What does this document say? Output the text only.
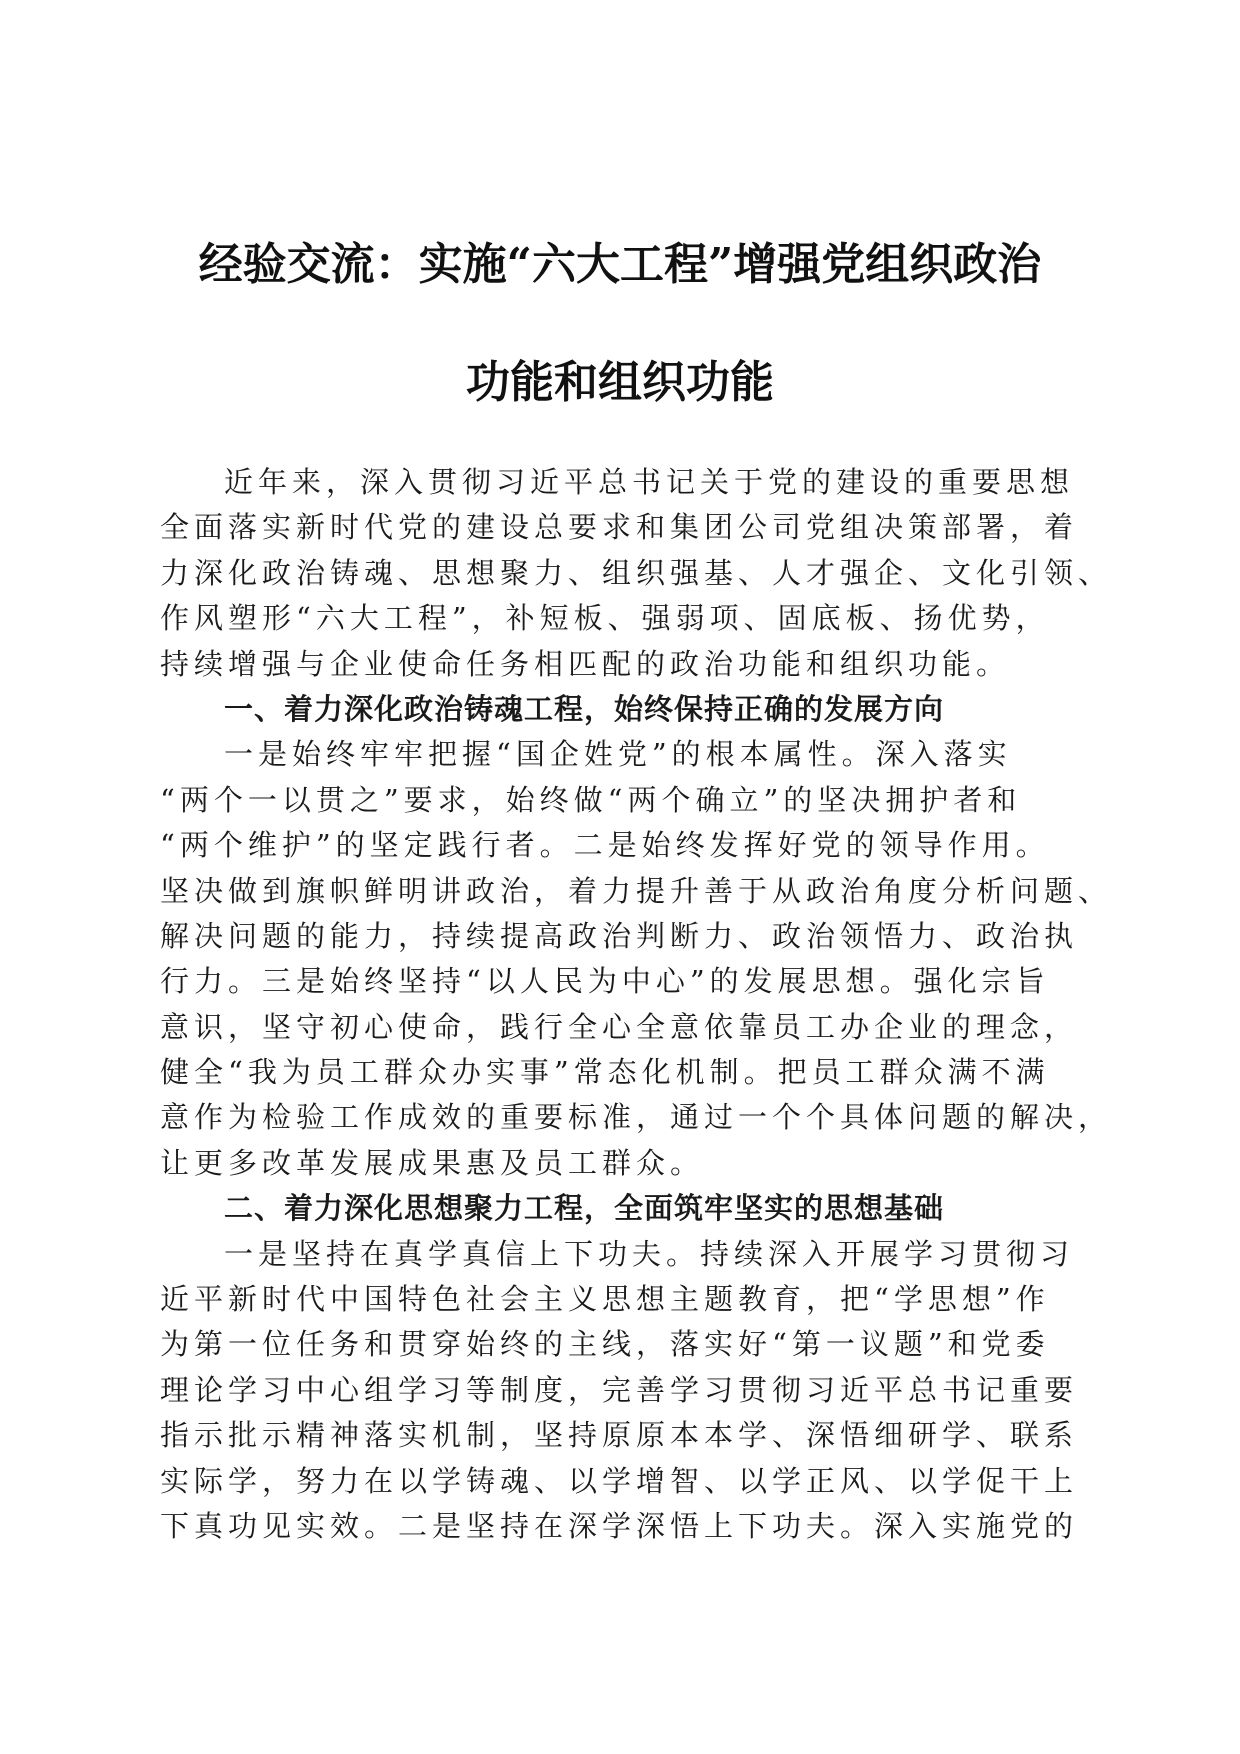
经验交流：实施“六大工程”增强党组织政治
功能和组织功能
近年来，深入贯彻习近平总书记关于党的建设的重要思想
全面落实新时代党的建设总要求和集团公司党组决策部署，着
力深化政治铸魂、思想聚力、组织强基、人才强企、文化引领、
作风塑形“六大工程”，补短板、强弱项、固底板、扬优势，
持续增强与企业使命任务相匹配的政治功能和组织功能。
一、着力深化政治铸魂工程，始终保持正确的发展方向
一是始终牢牢把握“国企姓党”的根本属性。深入落实
“两个一以贯之”要求，始终做“两个确立”的坚决拥护者和
“两个维护”的坚定践行者。二是始终发挥好党的领导作用。
坚决做到旗帜鲜明讲政治，着力提升善于从政治角度分析问题、
解决问题的能力，持续提高政治判断力、政治领悟力、政治执
行力。三是始终坚持“以人民为中心”的发展思想。强化宗旨
意识，坚守初心使命，践行全心全意依靠员工办企业的理念，
健全“我为员工群众办实事”常态化机制。把员工群众满不满
意作为检验工作成效的重要标准，通过一个个具体问题的解决，
让更多改革发展成果惠及员工群众。
二、着力深化思想聚力工程，全面筑牢坚实的思想基础
一是坚持在真学真信上下功夫。持续深入开展学习贯彻习
近平新时代中国特色社会主义思想主题教育，把“学思想”作
为第一位任务和贯穿始终的主线，落实好“第一议题”和党委
理论学习中心组学习等制度，完善学习贯彻习近平总书记重要
指示批示精神落实机制，坚持原原本本学、深悟细研学、联系
实际学，努力在以学铸魂、以学增智、以学正风、以学促干上
下真功见实效。二是坚持在深学深悟上下功夫。深入实施党的
